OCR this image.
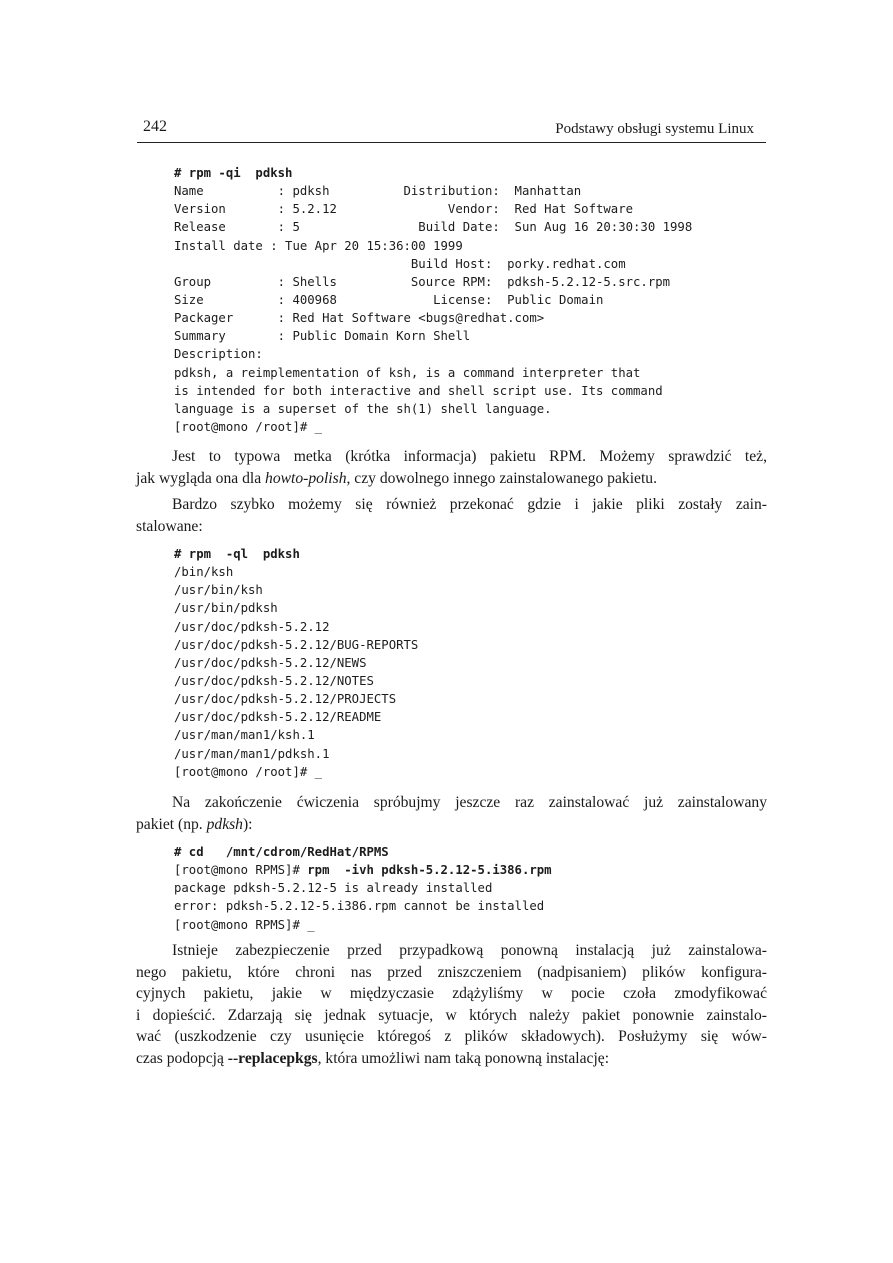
242	Podstawy obsługi systemu Linux
# rpm -qi  pdksh
Name          : pdksh          Distribution:  Manhattan
Version       : 5.2.12               Vendor:  Red Hat Software
Release       : 5                Build Date:  Sun Aug 16 20:30:30 1998
Install date : Tue Apr 20 15:36:00 1999
Build Host:  porky.redhat.com
Group         : Shells          Source RPM:  pdksh-5.2.12-5.src.rpm
Size          : 400968             License:  Public Domain
Packager      : Red Hat Software <bugs@redhat.com>
Summary       : Public Domain Korn Shell
Description:
pdksh, a reimplementation of ksh, is a command interpreter that
is intended for both interactive and shell script use. Its command
language is a superset of the sh(1) shell language.
[root@mono /root]# _
Jest to typowa metka (krótka informacja) pakietu RPM. Możemy sprawdzić też,
jak wygląda ona dla howto-polish, czy dowolnego innego zainstalowanego pakietu.
Bardzo szybko możemy się również przekonać gdzie i jakie pliki zostały zain-
stalowane:
# rpm  -ql  pdksh
/bin/ksh
/usr/bin/ksh
/usr/bin/pdksh
/usr/doc/pdksh-5.2.12
/usr/doc/pdksh-5.2.12/BUG-REPORTS
/usr/doc/pdksh-5.2.12/NEWS
/usr/doc/pdksh-5.2.12/NOTES
/usr/doc/pdksh-5.2.12/PROJECTS
/usr/doc/pdksh-5.2.12/README
/usr/man/man1/ksh.1
/usr/man/man1/pdksh.1
[root@mono /root]# _
Na zakończenie ćwiczenia spróbujmy jeszcze raz zainstalować już zainstalowany
pakiet (np. pdksh):
# cd   /mnt/cdrom/RedHat/RPMS
[root@mono RPMS]# rpm  -ivh pdksh-5.2.12-5.i386.rpm
package pdksh-5.2.12-5 is already installed
error: pdksh-5.2.12-5.i386.rpm cannot be installed
[root@mono RPMS]# _
Istnieje zabezpieczenie przed przypadkową ponowną instalacją już zainstalowa-
nego pakietu, które chroni nas przed zniszczeniem (nadpisaniem) plików konfigura-
cyjnych pakietu, jakie w międzyczasie zdążyliśmy w pocie czoła zmodyfikować
i dopieścić. Zdarzają się jednak sytuacje, w których należy pakiet ponownie zainstalo-
wać (uszkodzenie czy usunięcie któregoś z plików składowych). Posłużymy się wów-
czas podopcją --replacepkgs, która umożliwi nam taką ponowną instalację:
